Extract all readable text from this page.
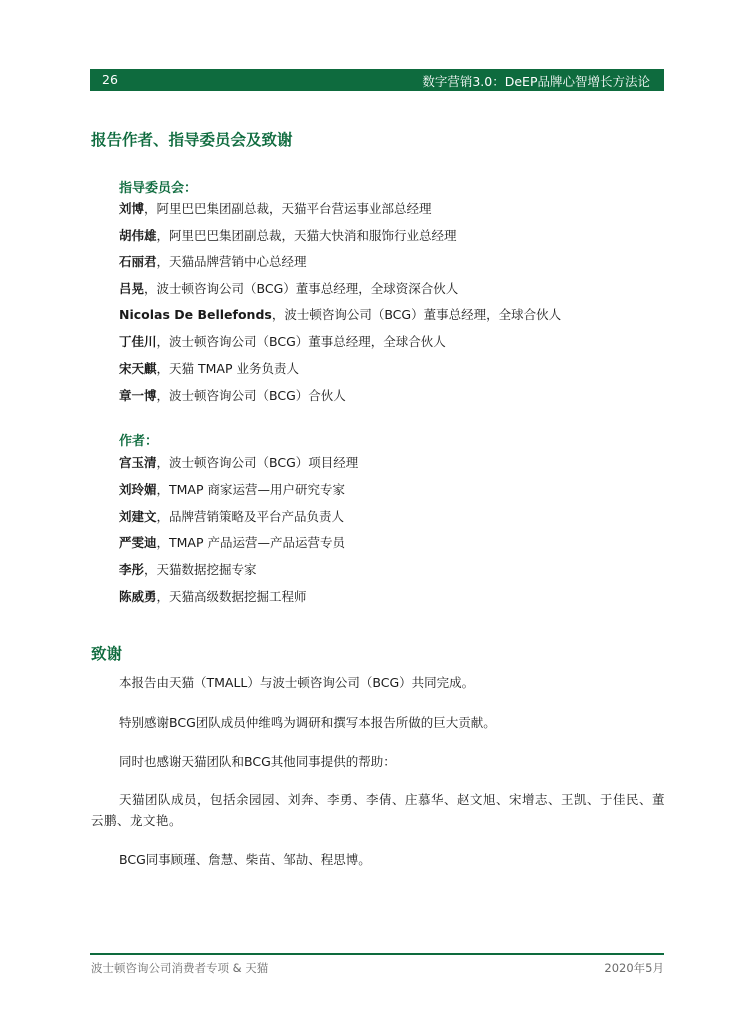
26	数字营销3.0：DeEP品牌心智增长方法论
报告作者、指导委员会及致谢
指导委员会：
刘博，阿里巴巴集团副总裁，天猫平台营运事业部总经理
胡伟雄，阿里巴巴集团副总裁，天猫大快消和服饰行业总经理
石丽君，天猫品牌营销中心总经理
吕晃，波士顿咨询公司（BCG）董事总经理，全球资深合伙人
Nicolas De Bellefonds，波士顿咨询公司（BCG）董事总经理，全球合伙人
丁佳川，波士顿咨询公司（BCG）董事总经理，全球合伙人
宋天麒，天猫 TMAP 业务负责人
章一博，波士顿咨询公司（BCG）合伙人
作者：
宫玉清，波士顿咨询公司（BCG）项目经理
刘玲媚，TMAP 商家运营—用户研究专家
刘建文，品牌营销策略及平台产品负责人
严雯迪，TMAP 产品运营—产品运营专员
李彤，天猫数据挖掘专家
陈威勇，天猫高级数据挖掘工程师
致谢
本报告由天猫（TMALL）与波士顿咨询公司（BCG）共同完成。
特别感谢BCG团队成员仲维鸣为调研和撰写本报告所做的巨大贡献。
同时也感谢天猫团队和BCG其他同事提供的帮助：
天猫团队成员，包括余园园、刘奔、李勇、李倩、庄慕华、赵文旭、宋增志、王凯、于佳民、董云鹏、龙文艳。
BCG同事顾瑾、詹慧、柴苗、邹劼、程思博。
波士顿咨询公司消费者专项 & 天猫	2020年5月
